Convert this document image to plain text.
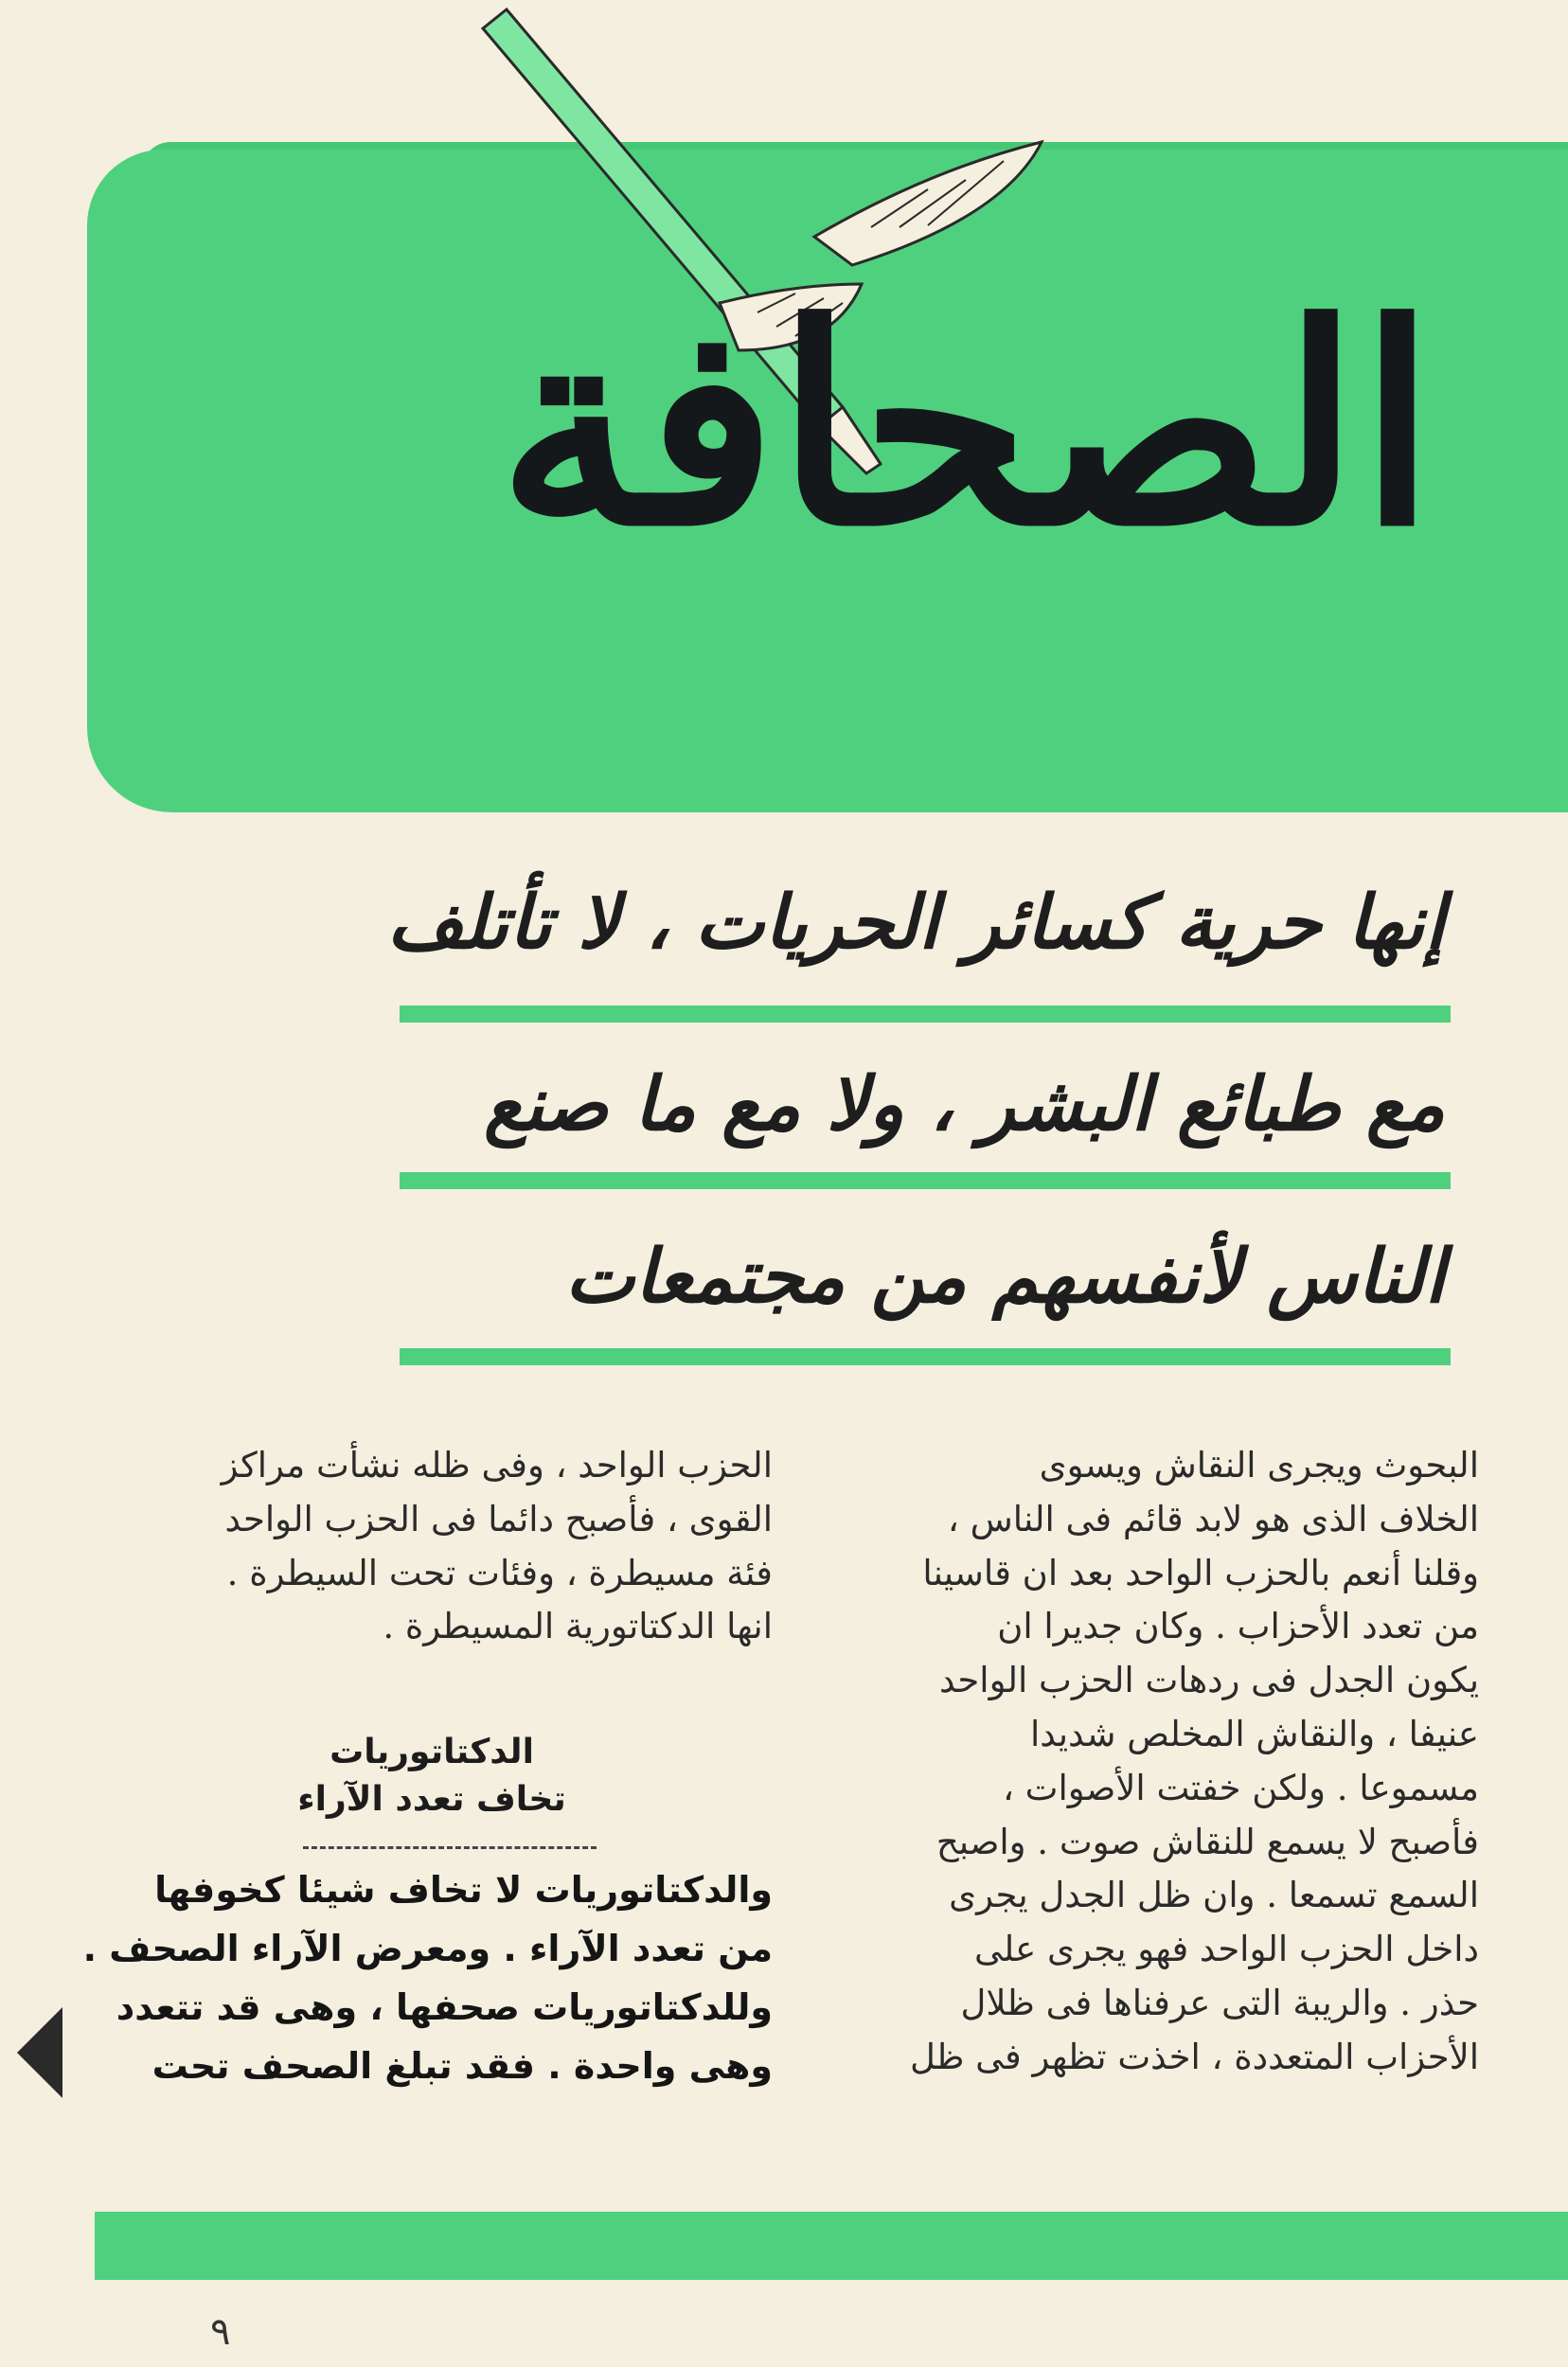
الصحافة
إنها حرية كسائر الحريات ، لا تأتلف
مع طبائع البشر ، ولا مع ما صنع
الناس لأنفسهم من مجتمعات

البحوث ويجرى النقاش ويسوى

الخلاف الذى هو لابد قائم فى الناس ،

وقلنا أنعم بالحزب الواحد بعد ان قاسينا

من تعدد الأحزاب . وكان جديرا ان

يكون الجدل فى ردهات الحزب الواحد

عنيفا ، والنقاش المخلص شديدا

مسموعا . ولكن خفتت الأصوات ،

فأصبح لا يسمع للنقاش صوت . واصبح

السمع تسمعا . وان ظل الجدل يجرى

داخل الحزب الواحد فهو يجرى على

حذر . والريبة التى عرفناها فى ظلال

الأحزاب المتعددة ، اخذت تظهر فى ظل

الحزب الواحد ، وفى ظله نشأت مراكز

القوى ، فأصبح دائما فى الحزب الواحد

فئة مسيطرة ، وفئات تحت السيطرة .

انها الدكتاتورية المسيطرة .

الدكتاتوريات
تخاف تعدد الآراء
والدكتاتوريات لا تخاف شيئا كخوفها
من تعدد الآراء . ومعرض الآراء الصحف .
وللدكتاتوريات صحفها ، وهى قد تتعدد
وهى واحدة . فقد تبلغ الصحف تحت
٩
